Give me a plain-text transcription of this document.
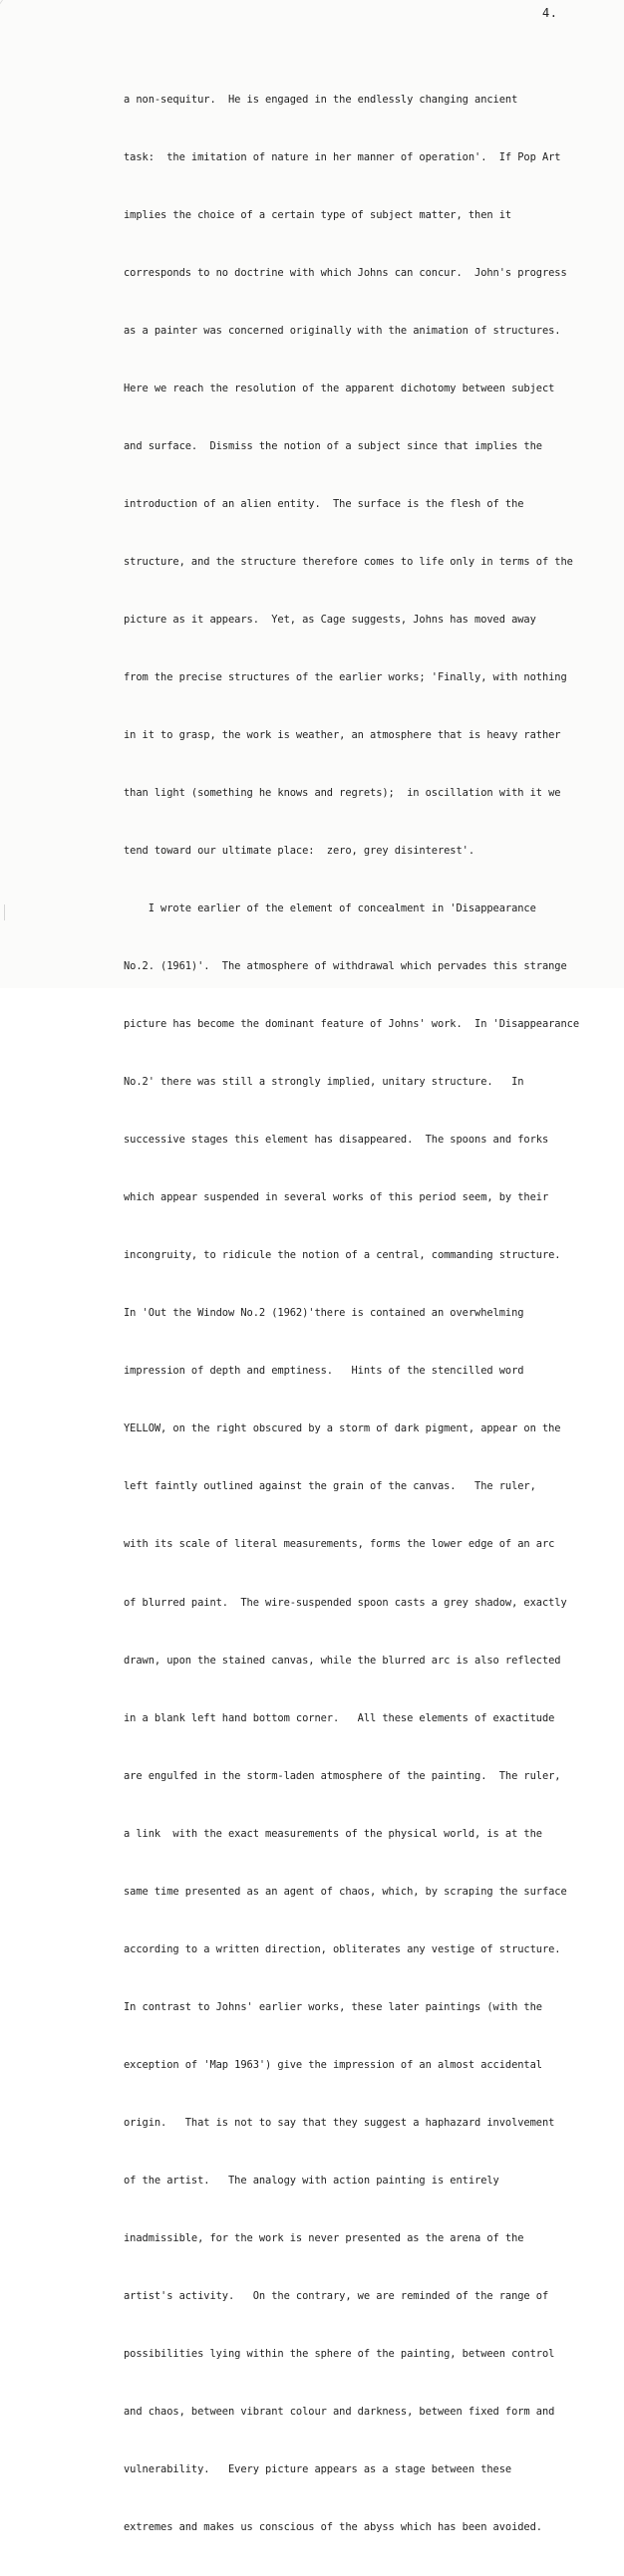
4.

a non-sequitur.  He is engaged in the endlessly changing ancient

task:  the imitation of nature in her manner of operation'.  If Pop Art

implies the choice of a certain type of subject matter, then it

corresponds to no doctrine with which Johns can concur.  John's progress

as a painter was concerned originally with the animation of structures.

Here we reach the resolution of the apparent dichotomy between subject

and surface.  Dismiss the notion of a subject since that implies the

introduction of an alien entity.  The surface is the flesh of the

structure, and the structure therefore comes to life only in terms of the

picture as it appears.  Yet, as Cage suggests, Johns has moved away

from the precise structures of the earlier works; 'Finally, with nothing

in it to grasp, the work is weather, an atmosphere that is heavy rather

than light (something he knows and regrets);  in oscillation with it we

tend toward our ultimate place:  zero, grey disinterest'.

I wrote earlier of the element of concealment in 'Disappearance

No.2. (1961)'.  The atmosphere of withdrawal which pervades this strange

picture has become the dominant feature of Johns' work.  In 'Disappearance

No.2' there was still a strongly implied, unitary structure.   In

successive stages this element has disappeared.  The spoons and forks

which appear suspended in several works of this period seem, by their

incongruity, to ridicule the notion of a central, commanding structure.

In 'Out the Window No.2 (1962)'there is contained an overwhelming

impression of depth and emptiness.   Hints of the stencilled word

YELLOW, on the right obscured by a storm of dark pigment, appear on the

left faintly outlined against the grain of the canvas.   The ruler,

with its scale of literal measurements, forms the lower edge of an arc

of blurred paint.  The wire-suspended spoon casts a grey shadow, exactly

drawn, upon the stained canvas, while the blurred arc is also reflected

in a blank left hand bottom corner.   All these elements of exactitude

are engulfed in the storm-laden atmosphere of the painting.  The ruler,

a link  with the exact measurements of the physical world, is at the

same time presented as an agent of chaos, which, by scraping the surface

according to a written direction, obliterates any vestige of structure.

In contrast to Johns' earlier works, these later paintings (with the

exception of 'Map 1963') give the impression of an almost accidental

origin.   That is not to say that they suggest a haphazard involvement

of the artist.   The analogy with action painting is entirely

inadmissible, for the work is never presented as the arena of the

artist's activity.   On the contrary, we are reminded of the range of

possibilities lying within the sphere of the painting, between control

and chaos, between vibrant colour and darkness, between fixed form and

vulnerability.   Every picture appears as a stage between these

extremes and makes us conscious of the abyss which has been avoided.
